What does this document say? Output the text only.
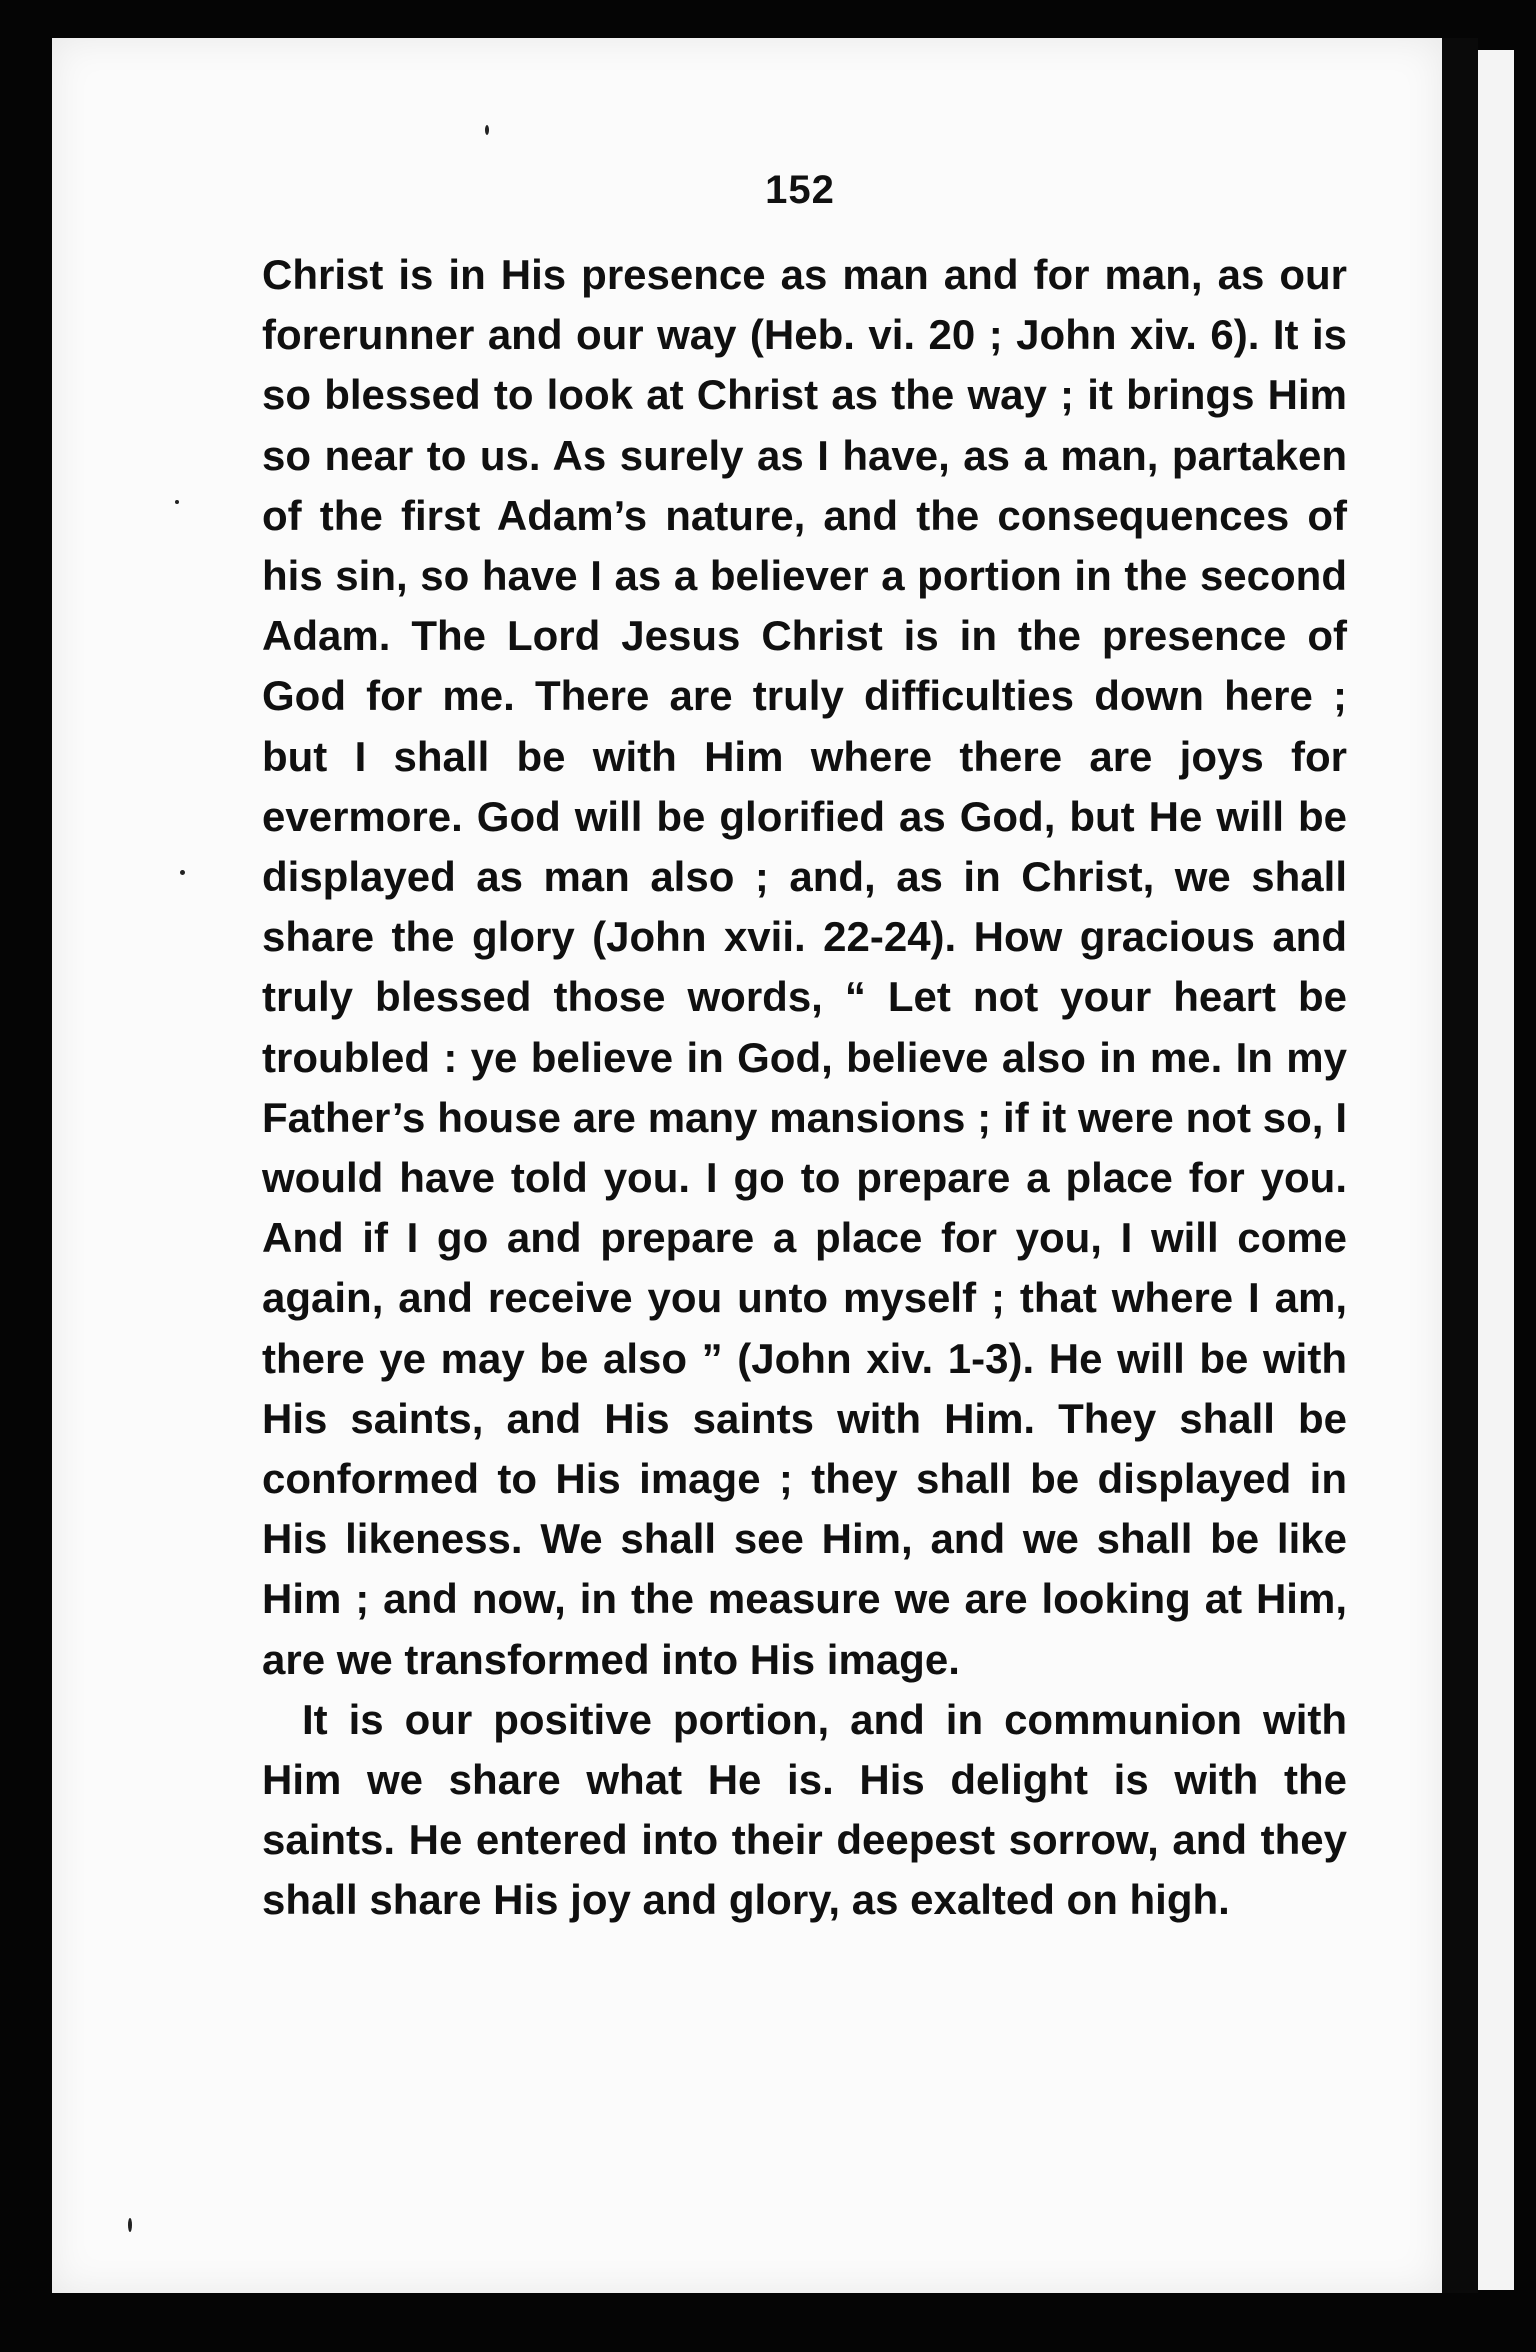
152

Christ is in His presence as man and for man, as our forerunner and our way (Heb. vi. 20 ; John xiv. 6). It is so blessed to look at Christ as the way ; it brings Him so near to us. As surely as I have, as a man, partaken of the first Adam’s nature, and the consequences of his sin, so have I as a believer a portion in the second Adam. The Lord Jesus Christ is in the presence of God for me. There are truly difficulties down here ; but I shall be with Him where there are joys for evermore. God will be glorified as God, but He will be displayed as man also ; and, as in Christ, we shall share the glory (John xvii. 22-24). How gracious and truly blessed those words, “ Let not your heart be troubled : ye believe in God, believe also in me. In my Father’s house are many mansions ; if it were not so, I would have told you. I go to prepare a place for you. And if I go and prepare a place for you, I will come again, and receive you unto myself ; that where I am, there ye may be also ” (John xiv. 1-3). He will be with His saints, and His saints with Him. They shall be conformed to His image ; they shall be displayed in His likeness. We shall see Him, and we shall be like Him ; and now, in the measure we are looking at Him, are we transformed into His image.

It is our positive portion, and in communion with Him we share what He is. His delight is with the saints. He entered into their deepest sorrow, and they shall share His joy and glory, as exalted on high.
